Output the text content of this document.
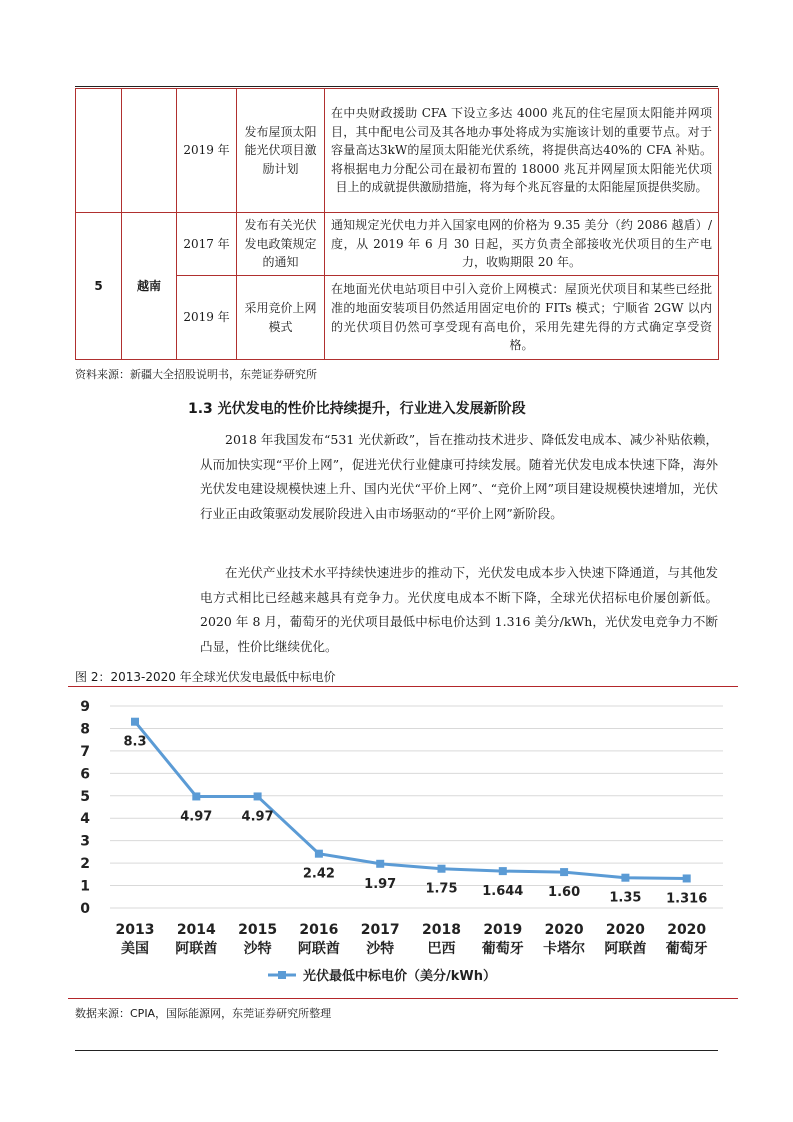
		2019 年	发布屋顶太阳能光伏项目激励计划	在中央财政援助 CFA 下设立多达 4000 兆瓦的住宅屋顶太阳能并网项目，其中配电公司及其各地办事处将成为实施该计划的重要节点。对于容量高达3kW的屋顶太阳能光伏系统，将提供高达40%的 CFA 补贴。将根据电力分配公司在最初布置的 18000 兆瓦并网屋顶太阳能光伏项目上的成就提供激励措施，将为每个兆瓦容量的太阳能屋顶提供奖励。
5	越南	2017 年	发布有关光伏发电政策规定的通知	通知规定光伏电力并入国家电网的价格为 9.35 美分（约 2086 越盾）/度，从 2019 年 6 月 30 日起，买方负责全部接收光伏项目的生产电力，收购期限 20 年。
		2019 年	采用竞价上网模式	在地面光伏电站项目中引入竞价上网模式：屋顶光伏项目和某些已经批准的地面安装项目仍然适用固定电价的 FITs 模式；宁顺省 2GW 以内的光伏项目仍然可享受现有高电价，采用先建先得的方式确定享受资格。
资料来源：新疆大全招股说明书，东莞证券研究所
1.3 光伏发电的性价比持续提升，行业进入发展新阶段

2018 年我国发布“531 光伏新政”，旨在推动技术进步、降低发电成本、减少补贴依赖，从而加快实现“平价上网”，促进光伏行业健康可持续发展。随着光伏发电成本快速下降，海外光伏发电建设规模快速上升、国内光伏“平价上网”、“竞价上网”项目建设规模快速增加，光伏行业正由政策驱动发展阶段进入由市场驱动的“平价上网”新阶段。

在光伏产业技术水平持续快速进步的推动下，光伏发电成本步入快速下降通道，与其他发电方式相比已经越来越具有竞争力。光伏度电成本不断下降，全球光伏招标电价屡创新低。2020 年 8 月，葡萄牙的光伏项目最低中标电价达到 1.316 美分/kWh，光伏发电竞争力不断凸显，性价比继续优化。

图 2：2013-2020 年全球光伏发电最低中标电价
0
1
2
3
4
5
6
7
8
9
2013
美国
2014
阿联酋
2015
沙特
2016
阿联酋
2017
沙特
2018
巴西
2019
葡萄牙
2020
卡塔尔
2020
阿联酋
2020
葡萄牙
8.3
4.97 4.97
2.42
1.97 1.75 1.644 1.60 1.35 1.316
光伏最低中标电价（美分/kWh）
数据来源：CPIA，国际能源网，东莞证券研究所整理
